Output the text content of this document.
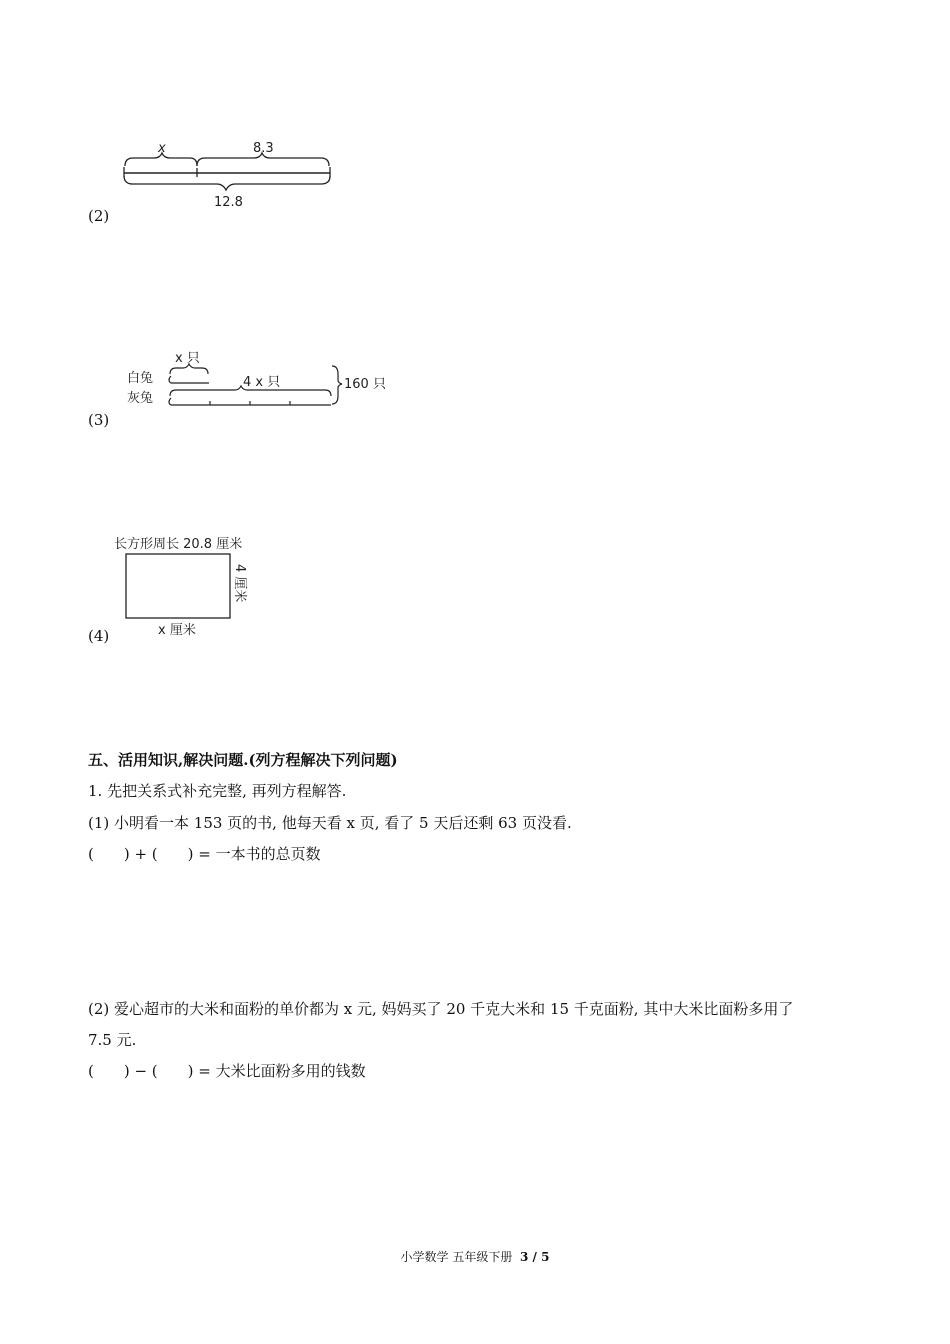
x	8.3
12.8
(2)
x 只
白兔	4 x 只
灰兔
160 只
(3)
长方形周长 20.8 厘米
4 厘米
x 厘米
(4)
五、活用知识,解决问题.(列方程解决下列问题)
1. 先把关系式补充完整, 再列方程解答.
(1) 小明看一本 153 页的书, 他每天看 x 页, 看了 5 天后还剩 63 页没看.
(　　) + (　　) = 一本书的总页数
(2) 爱心超市的大米和面粉的单价都为 x 元, 妈妈买了 20 千克大米和 15 千克面粉, 其中大米比面粉多用了
7.5 元.
(　　) − (　　) = 大米比面粉多用的钱数
小学数学 五年级下册 3 / 5
